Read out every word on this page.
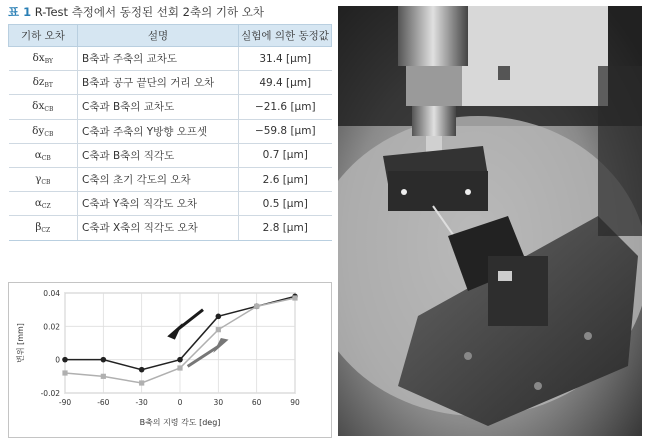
표 1 R-Test 측정에서 동정된 선회 2축의 기하 오차
기하 오차	설명	실험에 의한 동정값
$\delta x_{BY}$	B축과 주축의 교차도	31.4 [μm]
$\delta z_{BT}$	B축과 공구 끝단의 거리 오차	49.4 [μm]
$\delta x_{CB}$	C축과 B축의 교차도	−21.6 [μm]
$\delta y_{CB}$	C축과 주축의 Y방향 오프셋	−59.8 [μm]
$\alpha_{CB}$	C축과 B축의 직각도	0.7 [μm]
$\gamma_{CB}$	C축의 초기 각도의 오차	2.6 [μm]
$\alpha_{CZ}$	C축과 Y축의 직각도 오차	0.5 [μm]
$\beta_{CZ}$	C축과 X축의 직각도 오차	2.8 [μm]
-90	-60	-30	0	30	60	90
-0.02
0
0.02
0.04
B축의 지령 각도 [deg]
변위 [mm]
